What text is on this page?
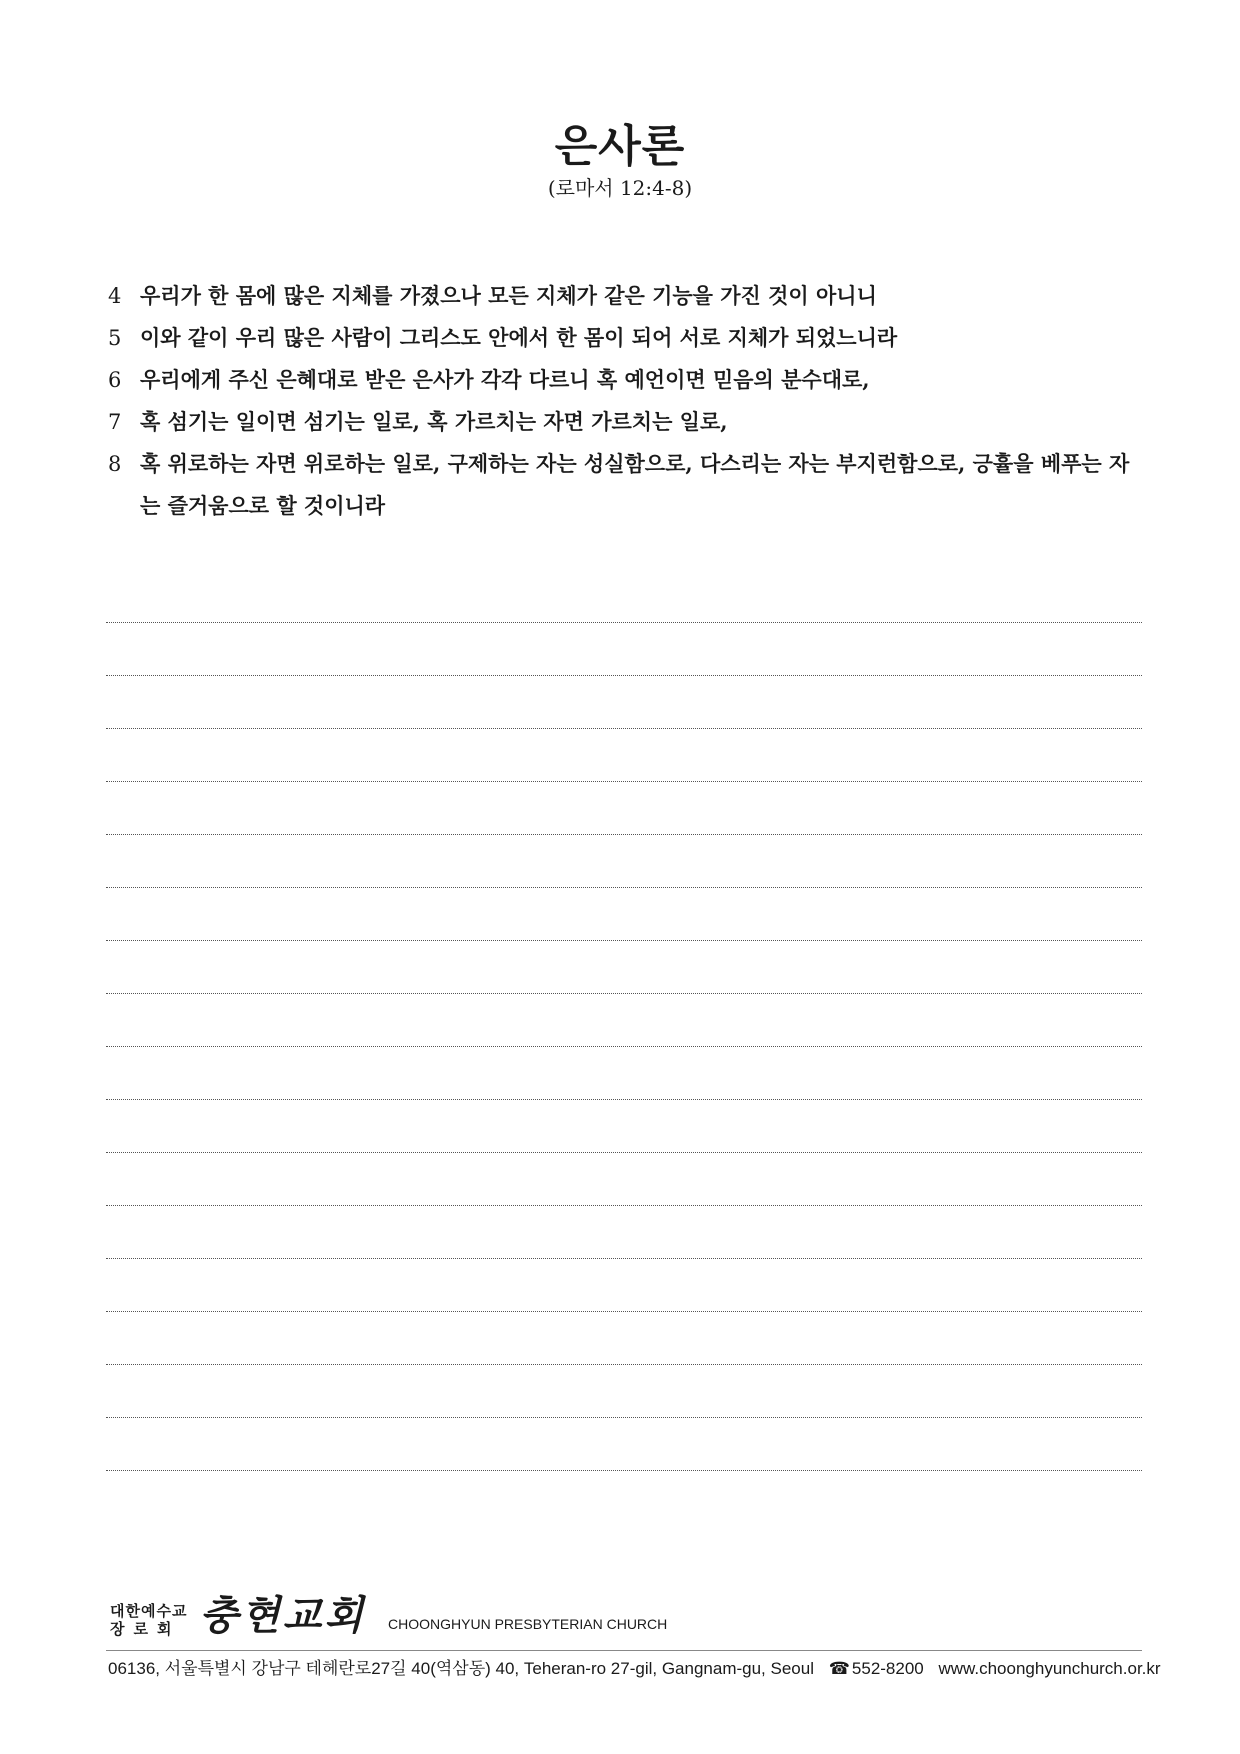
은사론
(로마서 12:4-8)
4 우리가 한 몸에 많은 지체를 가졌으나 모든 지체가 같은 기능을 가진 것이 아니니
5 이와 같이 우리 많은 사람이 그리스도 안에서 한 몸이 되어 서로 지체가 되었느니라
6 우리에게 주신 은혜대로 받은 은사가 각각 다르니 혹 예언이면 믿음의 분수대로,
7 혹 섬기는 일이면 섬기는 일로, 혹 가르치는 자면 가르치는 일로,
8 혹 위로하는 자면 위로하는 일로, 구제하는 자는 성실함으로, 다스리는 자는 부지런함으로, 긍휼을 베푸는 자는 즐거움으로 할 것이니라
대한예수교
장로회 충현교회 CHOONGHYUN PRESBYTERIAN CHURCH
06136, 서울특별시 강남구 테헤란로27길 40(역삼동) 40, Teheran-ro 27-gil, Gangnam-gu, Seoul ☎ 552-8200 www.choonghyunchurch.or.kr
